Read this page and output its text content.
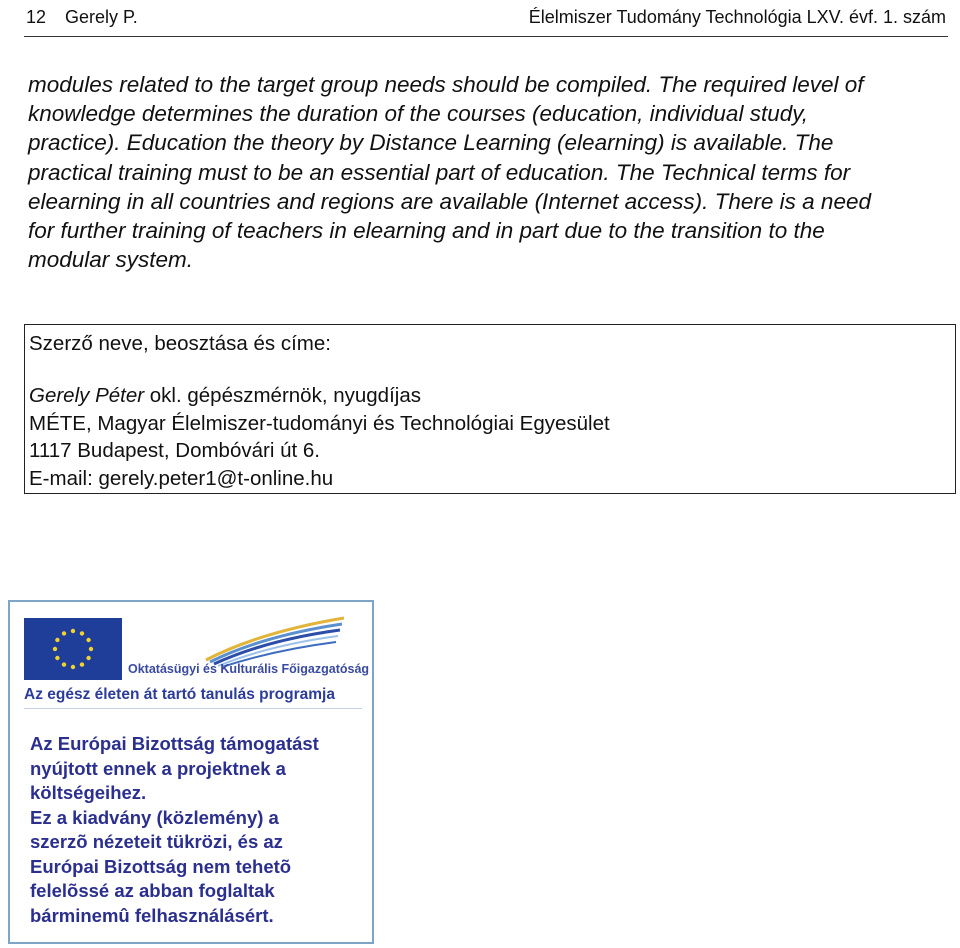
12 Gerely P.	Élelmiszer Tudomány Technológia LXV. évf. 1. szám
modules related to the target group needs should be compiled. The required level of
knowledge determines the duration of the courses (education, individual study,
practice). Education the theory by Distance Learning (elearning) is available. The
practical training must to be an essential part of education. The Technical terms for
elearning in all countries and regions are available (Internet access). There is a need
for further training of teachers in elearning and in part due to the transition to the
modular system.
Szerző neve, beosztása és címe:
Gerely Péter okl. gépészmérnök, nyugdíjas
MÉTE, Magyar Élelmiszer-tudományi és Technológiai Egyesület
1117 Budapest, Dombóvári út 6.
E-mail: gerely.peter1@t-online.hu
Oktatásügyi és Kulturális Főigazgatóság
Az egész életen át tartó tanulás programja
Az Európai Bizottság támogatást
nyújtott ennek a projektnek a
költségeihez.
Ez a kiadvány (közlemény) a
szerzõ nézeteit tükrözi, és az
Európai Bizottság nem tehetõ
felelõssé az abban foglaltak
bárminemû felhasználásért.
